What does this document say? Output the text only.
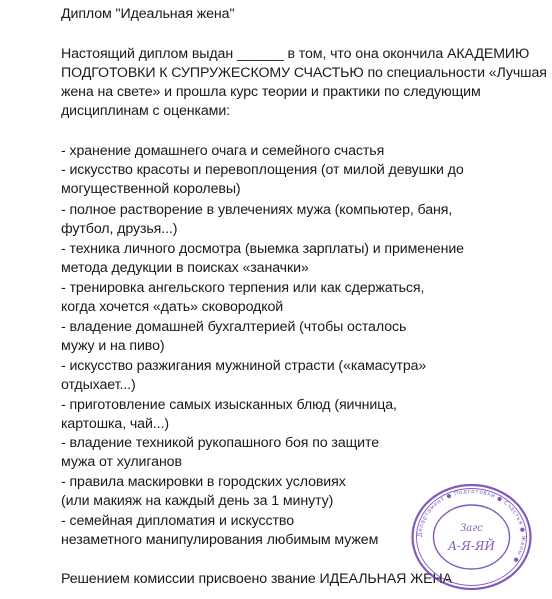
Диплом "Идеальная жена"
Настоящий диплом выдан ______ в том, что она окончила АКАДЕМИЮ
ПОДГОТОВКИ К СУПРУЖЕСКОМУ СЧАСТЬЮ по специальности «Лучшая
жена на свете» и прошла курс теории и практики по следующим
дисциплинам с оценками:
- хранение домашнего очага и семейного счастья
- искусство красоты и перевоплощения (от милой девушки до
могущественной королевы)
- полное растворение в увлечениях мужа (компьютер, баня,
футбол, друзья...)
- техника личного досмотра (выемка зарплаты) и применение
метода дедукции в поисках «заначки»
- тренировка ангельского терпения или как сдержаться,
когда хочется «дать» сковородкой
- владение домашней бухгалтерией (чтобы осталось
мужу и на пиво)
- искусство разжигания мужниной страсти («камасутра»
отдыхает...)
- приготовление самых изысканных блюд (яичница,
картошка, чай...)
- владение техникой рукопашного боя по защите
мужа от хулиганов
- правила маскировки в городских условиях
(или макияж на каждый день за 1 минуту)
- семейная дипломатия и искусство
незаметного манипулирования любимым мужем
Решением комиссии присвоено звание ИДЕАЛЬНАЯ ЖЕНА
Департамент ● Подготовки ● Счастья ● Жены ●
Загс
А-Я-ЯЙ
